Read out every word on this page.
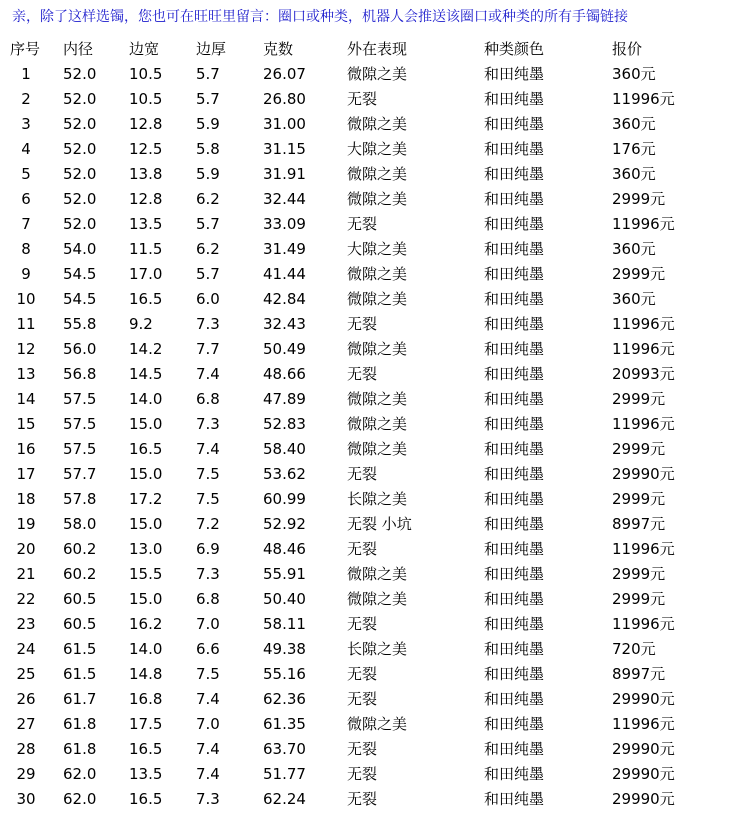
亲，除了这样选镯，您也可在旺旺里留言：圈口或种类，机器人会推送该圈口或种类的所有手镯链接
序号	内径 边宽 边厚 克数	外在表现	种类颜色	报价
1	52.0 10.5 5.7	26.07	微隙之美	和田纯墨	360元
2	52.0 10.5 5.7	26.80	无裂	和田纯墨	11996元
3	52.0 12.8 5.9	31.00	微隙之美	和田纯墨	360元
4	52.0 12.5 5.8	31.15	大隙之美	和田纯墨	176元
5	52.0 13.8 5.9	31.91	微隙之美	和田纯墨	360元
6	52.0 12.8 6.2	32.44	微隙之美	和田纯墨	2999元
7	52.0 13.5 5.7	33.09	无裂	和田纯墨	11996元
8	54.0 11.5 6.2	31.49	大隙之美	和田纯墨	360元
9	54.5 17.0 5.7	41.44	微隙之美	和田纯墨	2999元
10 54.5 16.5 6.0	42.84	微隙之美	和田纯墨	360元
11 55.8 9.2	7.3	32.43	无裂	和田纯墨	11996元
12 56.0 14.2 7.7	50.49	微隙之美	和田纯墨	11996元
13 56.8 14.5 7.4	48.66	无裂	和田纯墨	20993元
14 57.5 14.0 6.8	47.89	微隙之美	和田纯墨	2999元
15 57.5 15.0 7.3	52.83	微隙之美	和田纯墨	11996元
16 57.5 16.5 7.4	58.40	微隙之美	和田纯墨	2999元
17 57.7 15.0 7.5	53.62	无裂	和田纯墨	29990元
18 57.8 17.2 7.5	60.99	长隙之美	和田纯墨	2999元
19 58.0 15.0 7.2	52.92	无裂 小坑	和田纯墨	8997元
20 60.2 13.0 6.9	48.46	无裂	和田纯墨	11996元
21 60.2 15.5 7.3	55.91	微隙之美	和田纯墨	2999元
22 60.5 15.0 6.8	50.40	微隙之美	和田纯墨	2999元
23 60.5 16.2 7.0	58.11	无裂	和田纯墨	11996元
24 61.5 14.0 6.6	49.38	长隙之美	和田纯墨	720元
25 61.5 14.8 7.5	55.16	无裂	和田纯墨	8997元
26 61.7 16.8 7.4	62.36	无裂	和田纯墨	29990元
27 61.8 17.5 7.0	61.35	微隙之美	和田纯墨	11996元
28 61.8 16.5 7.4	63.70	无裂	和田纯墨	29990元
29 62.0 13.5 7.4	51.77	无裂	和田纯墨	29990元
30 62.0 16.5 7.3	62.24	无裂	和田纯墨	29990元
